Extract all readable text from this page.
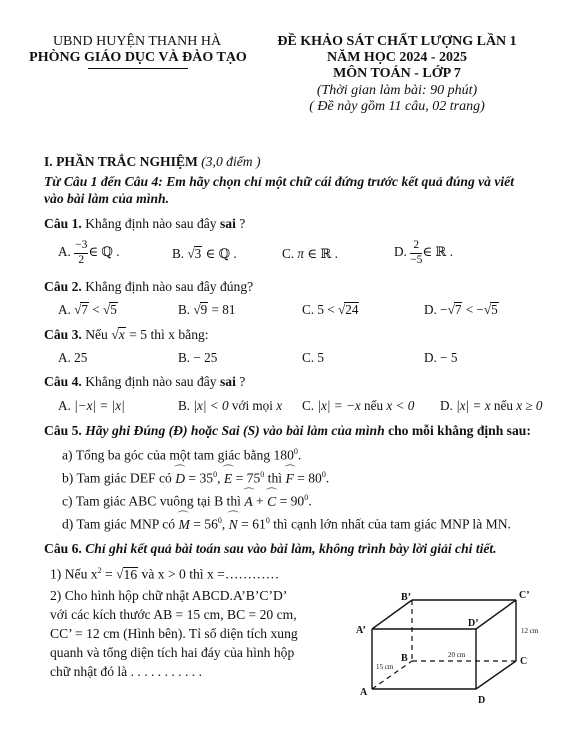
UBND HUYỆN THANH HÀ
PHÒNG GIÁO DỤC VÀ ĐÀO TẠO
ĐỀ KHẢO SÁT CHẤT LƯỢNG LẦN 1
NĂM HỌC 2024 - 2025
MÔN TOÁN - LỚP 7
(Thời gian làm bài: 90 phút)
( Đề này gồm 11 câu, 02 trang)
I. PHẦN TRẮC NGHIỆM (3,0 điểm )
Từ Câu 1 đến Câu 4: Em hãy chọn chỉ một chữ cái đứng trước kết quả đúng và viết
vào bài làm của mình.
Câu 1. Khẳng định nào sau đây sai ?
A. $\frac{-3}{2}$ ∈ ℚ .	B. √3 ∈ ℚ .	C. π ∈ ℝ .	D. $\frac{2}{-5}$ ∈ ℝ .
Câu 2. Khẳng định nào sau đây đúng?
A. √7 < √5	B. √9 = 81	C. 5 < √24	D. −√7 < −√5
Câu 3. Nếu √x = 5 thì x bằng:
A. 25	B. − 25	C. 5	D. − 5
Câu 4. Khẳng định nào sau đây sai ?
A. |−x| = |x|	B. |x| < 0 với mọi x C. |x| = −x nếu x < 0 D. |x| = x nếu x ≥ 0
Câu 5. Hãy ghi Đúng (Đ) hoặc Sai (S) vào bài làm của mình cho mỗi khẳng định sau:
a) Tổng ba góc của một tam giác bằng $180^0$.
b) Tam giác DEF có ⌒ $D = 35^0$, ⌒ $E = 75^0$ thì ⌒ $F = 80^0$.
c) Tam giác ABC vuông tại B thì ⌒ A + ⌒ $C = 90^0$.
d) Tam giác MNP có ⌒ $M = 56^0$, ⌒ $N = 61^0$ thì cạnh lớn nhất của tam giác MNP là MN.
Câu 6. Chỉ ghi kết quả bài toán sau vào bài làm, không trình bày lời giải chi tiết.
1) Nếu $x^2 = √16$ và x > 0 thì x =…………
2) Cho hình hộp chữ nhật ABCD.A’B’C’D’
với các kích thước AB = 15 cm, BC = 20 cm,
CC’ = 12 cm (Hình bên). Tỉ số diện tích xung
quanh và tổng diện tích hai đáy của hình hộp
chữ nhật đó là . . . . . . . . . . .
A
B	C
D
A’
B’	C’
D’
15 cm
20 cm
12 cm
